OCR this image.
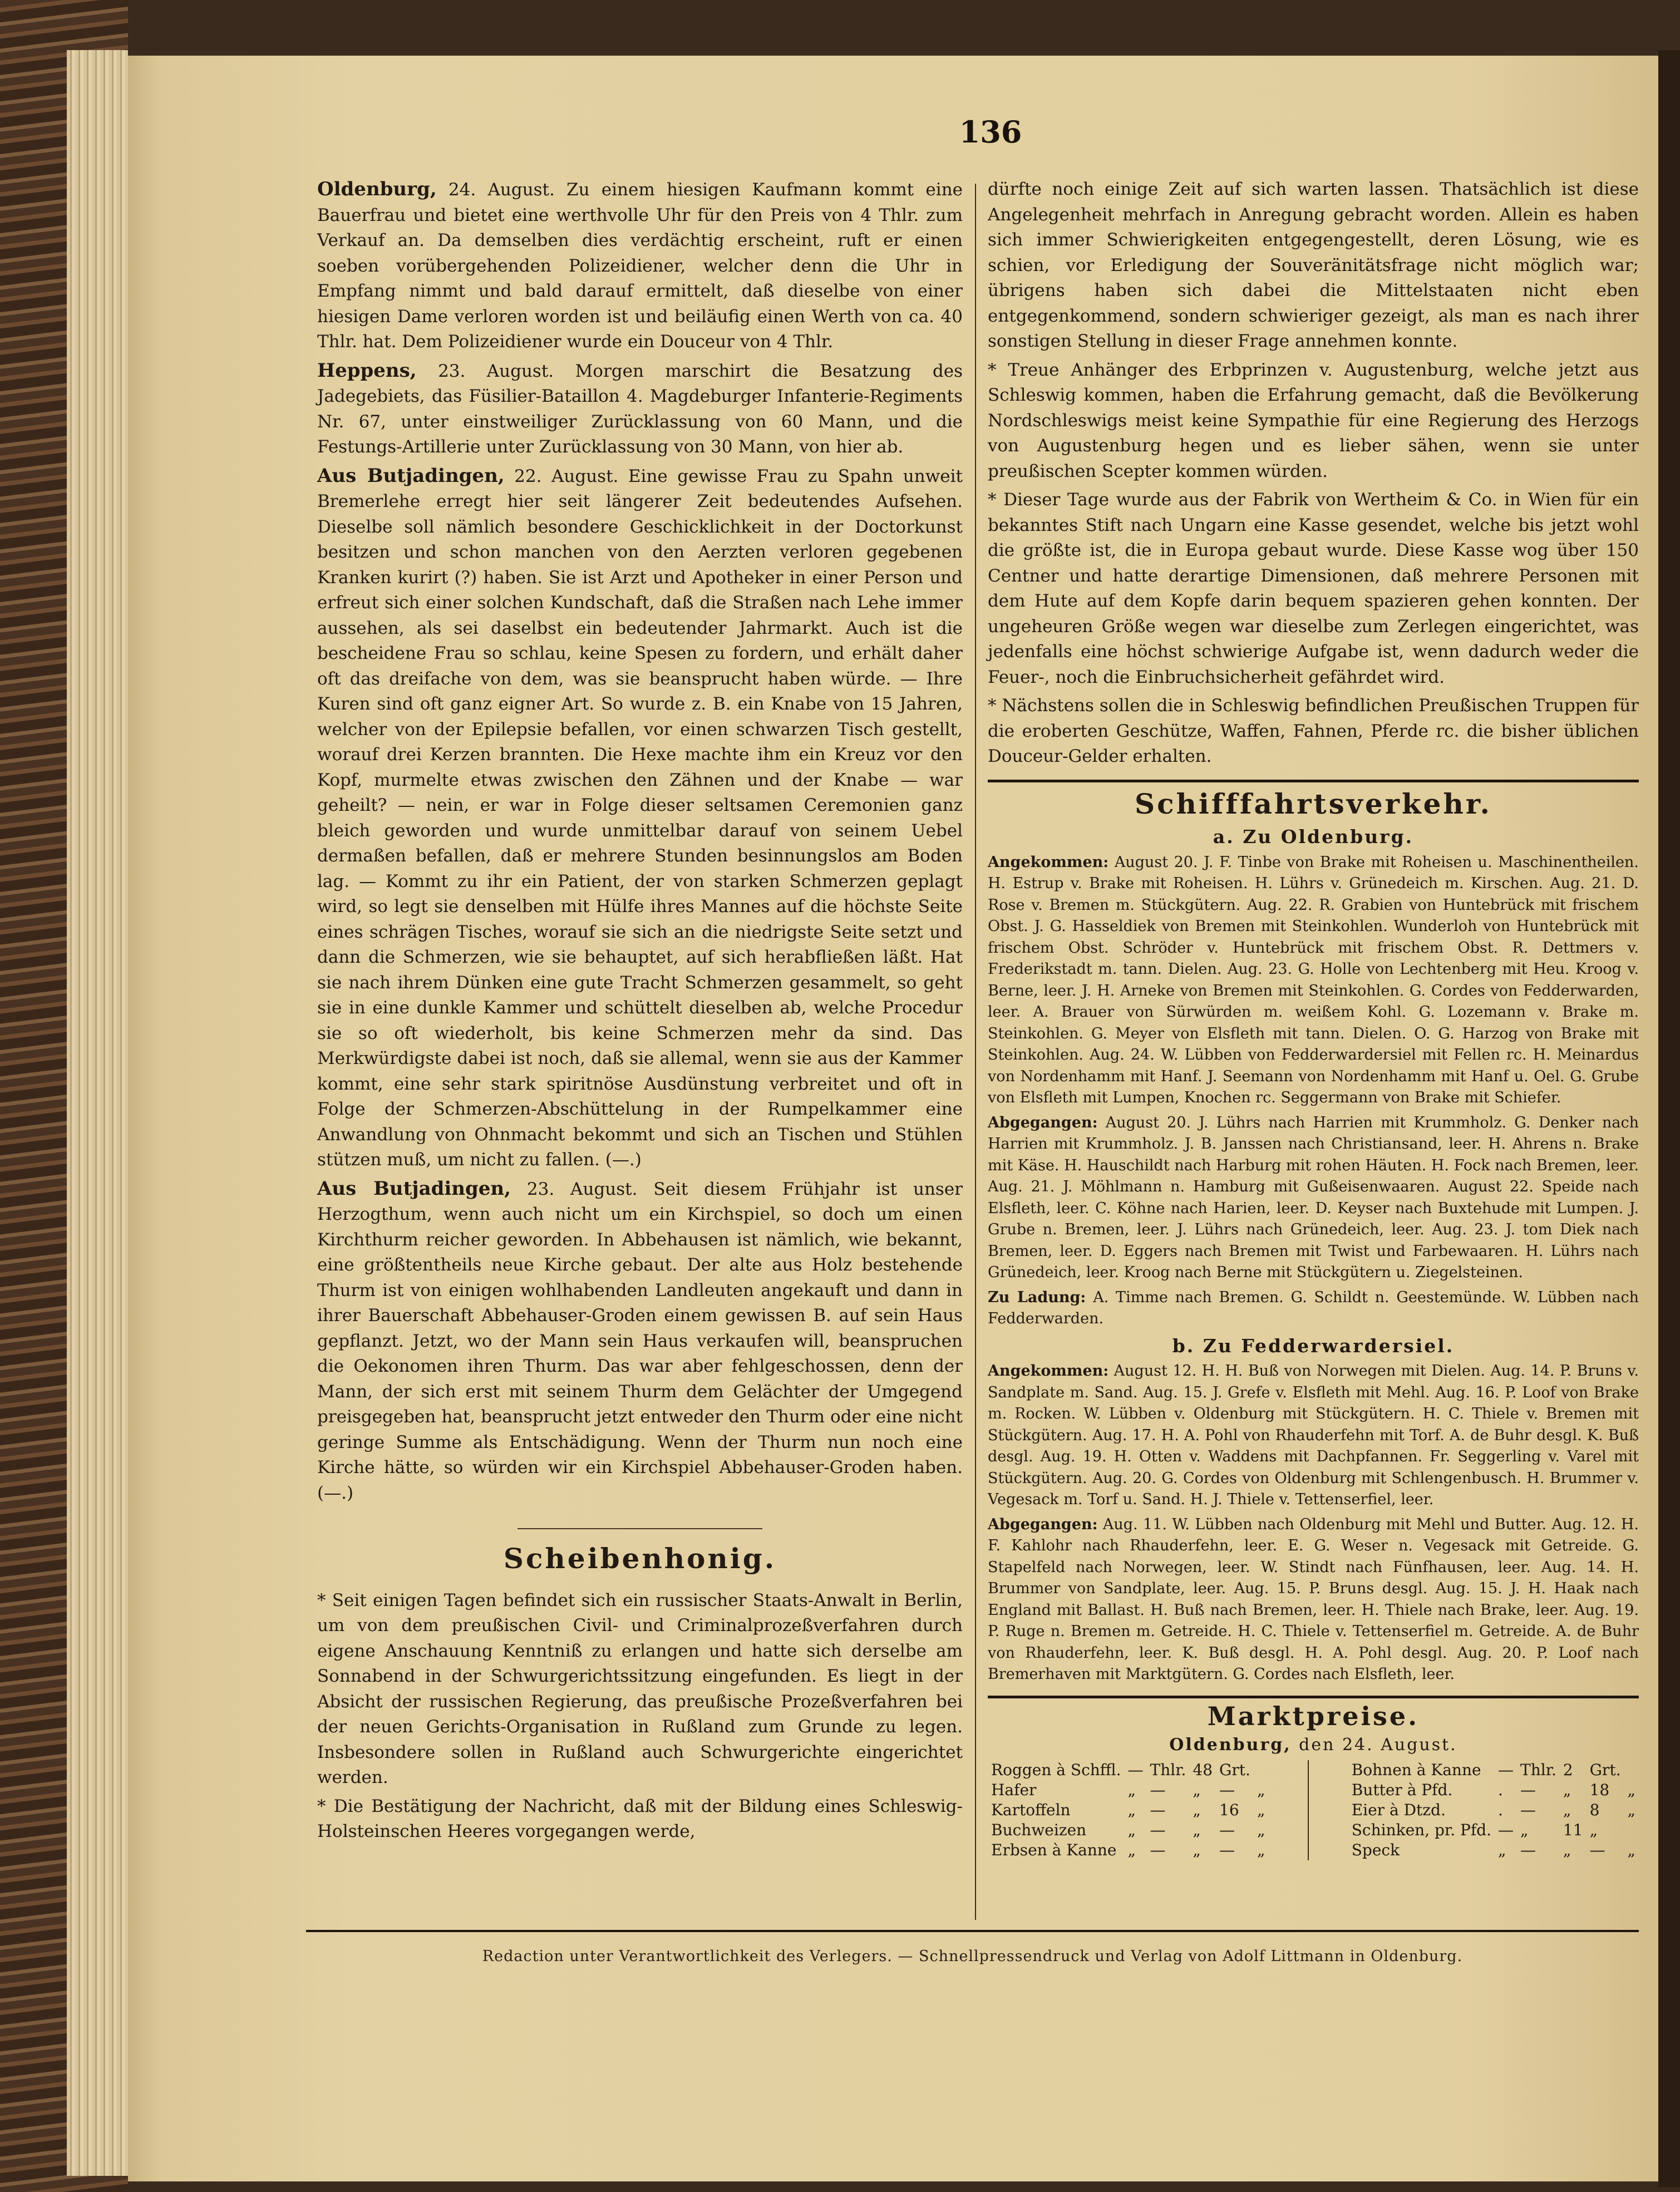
136

Oldenburg, 24. August. Zu einem hiesigen Kaufmann kommt eine Bauerfrau und bietet eine werthvolle Uhr für den Preis von 4 Thlr. zum Verkauf an. Da demselben dies verdächtig erscheint, ruft er einen soeben vorübergehenden Polizeidiener, welcher denn die Uhr in Empfang nimmt und bald darauf ermittelt, daß dieselbe von einer hiesigen Dame verloren worden ist und beiläufig einen Werth von ca. 40 Thlr. hat. Dem Polizeidiener wurde ein Douceur von 4 Thlr.

Heppens, 23. August. Morgen marschirt die Besatzung des Jadegebiets, das Füsilier-Bataillon 4. Magdeburger Infanterie-Regiments Nr. 67, unter einstweiliger Zurücklassung von 60 Mann, und die Festungs-Artillerie unter Zurücklassung von 30 Mann, von hier ab.

Aus Butjadingen, 22. August. Eine gewisse Frau zu Spahn unweit Bremerlehe erregt hier seit längerer Zeit bedeutendes Aufsehen. Dieselbe soll nämlich besondere Geschicklichkeit in der Doctorkunst besitzen und schon manchen von den Aerzten verloren gegebenen Kranken kurirt (?) haben. Sie ist Arzt und Apotheker in einer Person und erfreut sich einer solchen Kundschaft, daß die Straßen nach Lehe immer aussehen, als sei daselbst ein bedeutender Jahrmarkt. Auch ist die bescheidene Frau so schlau, keine Spesen zu fordern, und erhält daher oft das dreifache von dem, was sie beansprucht haben würde. — Ihre Kuren sind oft ganz eigner Art. So wurde z. B. ein Knabe von 15 Jahren, welcher von der Epilepsie befallen, vor einen schwarzen Tisch gestellt, worauf drei Kerzen brannten. Die Hexe machte ihm ein Kreuz vor den Kopf, murmelte etwas zwischen den Zähnen und der Knabe — war geheilt? — nein, er war in Folge dieser seltsamen Ceremonien ganz bleich geworden und wurde unmittelbar darauf von seinem Uebel dermaßen befallen, daß er mehrere Stunden besinnungslos am Boden lag. — Kommt zu ihr ein Patient, der von starken Schmerzen geplagt wird, so legt sie denselben mit Hülfe ihres Mannes auf die höchste Seite eines schrägen Tisches, worauf sie sich an die niedrigste Seite setzt und dann die Schmerzen, wie sie behauptet, auf sich herabfließen läßt. Hat sie nach ihrem Dünken eine gute Tracht Schmerzen gesammelt, so geht sie in eine dunkle Kammer und schüttelt dieselben ab, welche Procedur sie so oft wiederholt, bis keine Schmerzen mehr da sind. Das Merkwürdigste dabei ist noch, daß sie allemal, wenn sie aus der Kammer kommt, eine sehr stark spiritnöse Ausdünstung verbreitet und oft in Folge der Schmerzen-Abschüttelung in der Rumpelkammer eine Anwandlung von Ohnmacht bekommt und sich an Tischen und Stühlen stützen muß, um nicht zu fallen. (—.)

Aus Butjadingen, 23. August. Seit diesem Frühjahr ist unser Herzogthum, wenn auch nicht um ein Kirchspiel, so doch um einen Kirchthurm reicher geworden. In Abbehausen ist nämlich, wie bekannt, eine größtentheils neue Kirche gebaut. Der alte aus Holz bestehende Thurm ist von einigen wohlhabenden Landleuten angekauft und dann in ihrer Bauerschaft Abbehauser-Groden einem gewissen B. auf sein Haus gepflanzt. Jetzt, wo der Mann sein Haus verkaufen will, beanspruchen die Oekonomen ihren Thurm. Das war aber fehlgeschossen, denn der Mann, der sich erst mit seinem Thurm dem Gelächter der Umgegend preisgegeben hat, beansprucht jetzt entweder den Thurm oder eine nicht geringe Summe als Entschädigung. Wenn der Thurm nun noch eine Kirche hätte, so würden wir ein Kirchspiel Abbehauser-Groden haben. (—.)

Scheibenhonig.

* Seit einigen Tagen befindet sich ein russischer Staats-Anwalt in Berlin, um von dem preußischen Civil- und Criminalprozeßverfahren durch eigene Anschauung Kenntniß zu erlangen und hatte sich derselbe am Sonnabend in der Schwurgerichtssitzung eingefunden. Es liegt in der Absicht der russischen Regierung, das preußische Prozeßverfahren bei der neuen Gerichts-Organisation in Rußland zum Grunde zu legen. Insbesondere sollen in Rußland auch Schwurgerichte eingerichtet werden.

* Die Bestätigung der Nachricht, daß mit der Bildung eines Schleswig-Holsteinschen Heeres vorgegangen werde,

dürfte noch einige Zeit auf sich warten lassen. Thatsächlich ist diese Angelegenheit mehrfach in Anregung gebracht worden. Allein es haben sich immer Schwierigkeiten entgegengestellt, deren Lösung, wie es schien, vor Erledigung der Souveränitätsfrage nicht möglich war; übrigens haben sich dabei die Mittelstaaten nicht eben entgegenkommend, sondern schwieriger gezeigt, als man es nach ihrer sonstigen Stellung in dieser Frage annehmen konnte.

* Treue Anhänger des Erbprinzen v. Augustenburg, welche jetzt aus Schleswig kommen, haben die Erfahrung gemacht, daß die Bevölkerung Nordschleswigs meist keine Sympathie für eine Regierung des Herzogs von Augustenburg hegen und es lieber sähen, wenn sie unter preußischen Scepter kommen würden.

* Dieser Tage wurde aus der Fabrik von Wertheim & Co. in Wien für ein bekanntes Stift nach Ungarn eine Kasse gesendet, welche bis jetzt wohl die größte ist, die in Europa gebaut wurde. Diese Kasse wog über 150 Centner und hatte derartige Dimensionen, daß mehrere Personen mit dem Hute auf dem Kopfe darin bequem spazieren gehen konnten. Der ungeheuren Größe wegen war dieselbe zum Zerlegen eingerichtet, was jedenfalls eine höchst schwierige Aufgabe ist, wenn dadurch weder die Feuer-, noch die Einbruchsicherheit gefährdet wird.

* Nächstens sollen die in Schleswig befindlichen Preußischen Truppen für die eroberten Geschütze, Waffen, Fahnen, Pferde rc. die bisher üblichen Douceur-Gelder erhalten.

Schifffahrtsverkehr.
a. Zu Oldenburg.

Angekommen: August 20. J. F. Tinbe von Brake mit Roheisen u. Maschinentheilen. H. Estrup v. Brake mit Roheisen. H. Lührs v. Grünedeich m. Kirschen. Aug. 21. D. Rose v. Bremen m. Stückgütern. Aug. 22. R. Grabien von Huntebrück mit frischem Obst. J. G. Hasseldiek von Bremen mit Steinkohlen. Wunderloh von Huntebrück mit frischem Obst. Schröder v. Huntebrück mit frischem Obst. R. Dettmers v. Frederikstadt m. tann. Dielen. Aug. 23. G. Holle von Lechtenberg mit Heu. Kroog v. Berne, leer. J. H. Arneke von Bremen mit Steinkohlen. G. Cordes von Fedderwarden, leer. A. Brauer von Sürwürden m. weißem Kohl. G. Lozemann v. Brake m. Steinkohlen. G. Meyer von Elsfleth mit tann. Dielen. O. G. Harzog von Brake mit Steinkohlen. Aug. 24. W. Lübben von Fedderwardersiel mit Fellen rc. H. Meinardus von Nordenhamm mit Hanf. J. Seemann von Nordenhamm mit Hanf u. Oel. G. Grube von Elsfleth mit Lumpen, Knochen rc. Seggermann von Brake mit Schiefer.

Abgegangen: August 20. J. Lührs nach Harrien mit Krummholz. G. Denker nach Harrien mit Krummholz. J. B. Janssen nach Christiansand, leer. H. Ahrens n. Brake mit Käse. H. Hauschildt nach Harburg mit rohen Häuten. H. Fock nach Bremen, leer. Aug. 21. J. Möhlmann n. Hamburg mit Gußeisenwaaren. August 22. Speide nach Elsfleth, leer. C. Köhne nach Harien, leer. D. Keyser nach Buxtehude mit Lumpen. J. Grube n. Bremen, leer. J. Lührs nach Grünedeich, leer. Aug. 23. J. tom Diek nach Bremen, leer. D. Eggers nach Bremen mit Twist und Farbewaaren. H. Lührs nach Grünedeich, leer. Kroog nach Berne mit Stückgütern u. Ziegelsteinen.

Zu Ladung: A. Timme nach Bremen. G. Schildt n. Geestemünde. W. Lübben nach Fedderwarden.

b. Zu Fedderwardersiel.

Angekommen: August 12. H. H. Buß von Norwegen mit Dielen. Aug. 14. P. Bruns v. Sandplate m. Sand. Aug. 15. J. Grefe v. Elsfleth mit Mehl. Aug. 16. P. Loof von Brake m. Rocken. W. Lübben v. Oldenburg mit Stückgütern. H. C. Thiele v. Bremen mit Stückgütern. Aug. 17. H. A. Pohl von Rhauderfehn mit Torf. A. de Buhr desgl. K. Buß desgl. Aug. 19. H. Otten v. Waddens mit Dachpfannen. Fr. Seggerling v. Varel mit Stückgütern. Aug. 20. G. Cordes von Oldenburg mit Schlengenbusch. H. Brummer v. Vegesack m. Torf u. Sand. H. J. Thiele v. Tettenserfiel, leer.

Abgegangen: Aug. 11. W. Lübben nach Oldenburg mit Mehl und Butter. Aug. 12. H. F. Kahlohr nach Rhauderfehn, leer. E. G. Weser n. Vegesack mit Getreide. G. Stapelfeld nach Norwegen, leer. W. Stindt nach Fünfhausen, leer. Aug. 14. H. Brummer von Sandplate, leer. Aug. 15. P. Bruns desgl. Aug. 15. J. H. Haak nach England mit Ballast. H. Buß nach Bremen, leer. H. Thiele nach Brake, leer. Aug. 19. P. Ruge n. Bremen m. Getreide. H. C. Thiele v. Tettenserfiel m. Getreide. A. de Buhr von Rhauderfehn, leer. K. Buß desgl. H. A. Pohl desgl. Aug. 20. P. Loof nach Bremerhaven mit Marktgütern. G. Cordes nach Elsfleth, leer.

Marktpreise.
Oldenburg, den 24. August.
Roggen à Schffl.	—	Thlr.	48	Grt.	
Hafer	„	—	„	—	„
Kartoffeln	„	—	„	16	„
Buchweizen	„	—	„	—	„
Erbsen à Kanne	„	—	„	—	„
Bohnen à Kanne	—	Thlr.	2	Grt.	
Butter à Pfd.	.	—	„	18	„
Eier à Dtzd.	.	—	„	8	„
Schinken, pr. Pfd.	—	„	11	„	
Speck	„	—	„	—	„
Redaction unter Verantwortlichkeit des Verlegers. — Schnellpressendruck und Verlag von Adolf Littmann in Oldenburg.
